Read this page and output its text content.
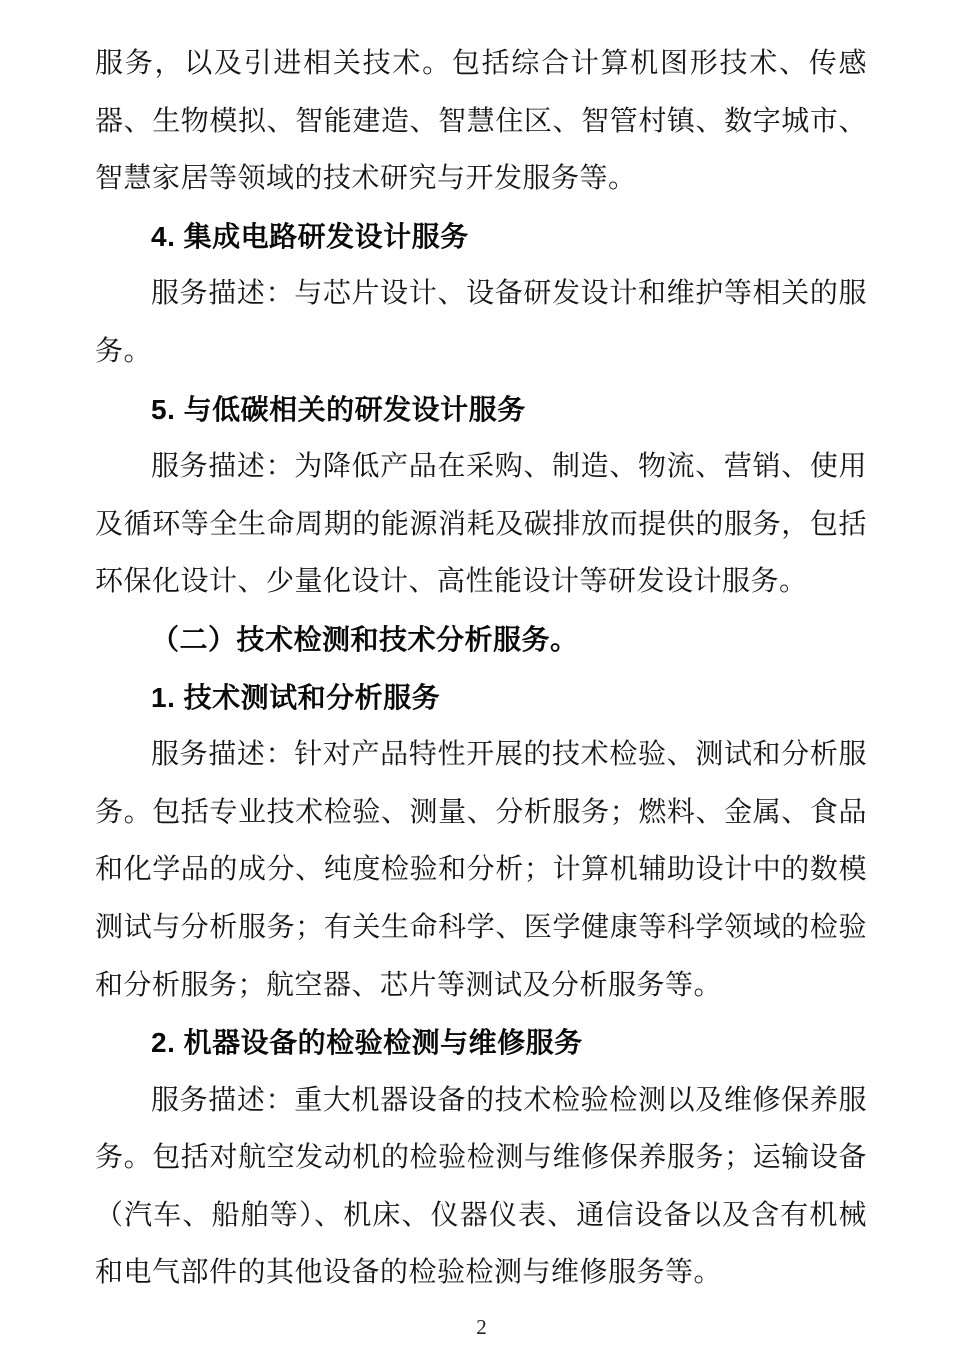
服务，以及引进相关技术。包括综合计算机图形技术、传感器、生物模拟、智能建造、智慧住区、智管村镇、数字城市、智慧家居等领域的技术研究与开发服务等。

4. 集成电路研发设计服务

服务描述：与芯片设计、设备研发设计和维护等相关的服务。

5. 与低碳相关的研发设计服务

服务描述：为降低产品在采购、制造、物流、营销、使用及循环等全生命周期的能源消耗及碳排放而提供的服务，包括环保化设计、少量化设计、高性能设计等研发设计服务。

（二）技术检测和技术分析服务。
1. 技术测试和分析服务

服务描述：针对产品特性开展的技术检验、测试和分析服务。包括专业技术检验、测量、分析服务；燃料、金属、食品和化学品的成分、纯度检验和分析；计算机辅助设计中的数模测试与分析服务；有关生命科学、医学健康等科学领域的检验和分析服务；航空器、芯片等测试及分析服务等。

2. 机器设备的检验检测与维修服务

服务描述：重大机器设备的技术检验检测以及维修保养服务。包括对航空发动机的检验检测与维修保养服务；运输设备（汽车、船舶等）、机床、仪器仪表、通信设备以及含有机械和电气部件的其他设备的检验检测与维修服务等。

2
